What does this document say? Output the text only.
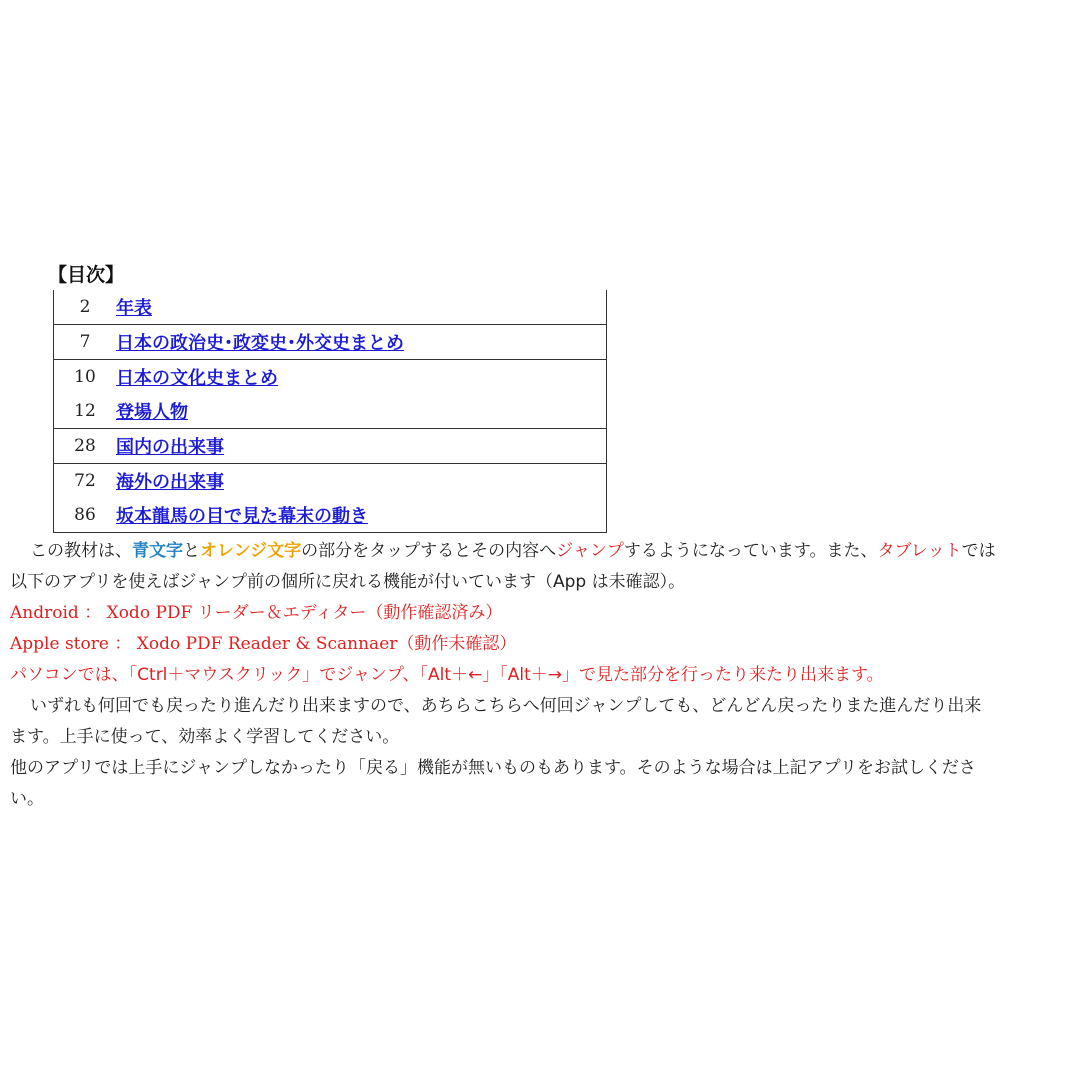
【目次】
2	年表
7	日本の政治史･政変史･外交史まとめ
10	日本の文化史まとめ
12	登場人物
28	国内の出来事
72	海外の出来事
86	坂本龍馬の目で見た幕末の動き

この教材は、青文字とオレンジ文字の部分をタップするとその内容へジャンプするようになっています。また、タブレットでは

以下のアプリを使えばジャンプ前の個所に戻れる機能が付いています（App は未確認）。

Android ： Xodo PDF リーダー＆エディター（動作確認済み）

Apple store ： Xodo PDF Reader & Scannaer（動作未確認）

パソコンでは、「Ctrl＋マウスクリック」でジャンプ、「Alt＋←」「Alt＋→」で見た部分を行ったり来たり出来ます。

いずれも何回でも戻ったり進んだり出来ますので、あちらこちらへ何回ジャンプしても、どんどん戻ったりまた進んだり出来

ます。上手に使って、効率よく学習してください。

他のアプリでは上手にジャンプしなかったり「戻る」機能が無いものもあります。そのような場合は上記アプリをお試しくださ

い。
